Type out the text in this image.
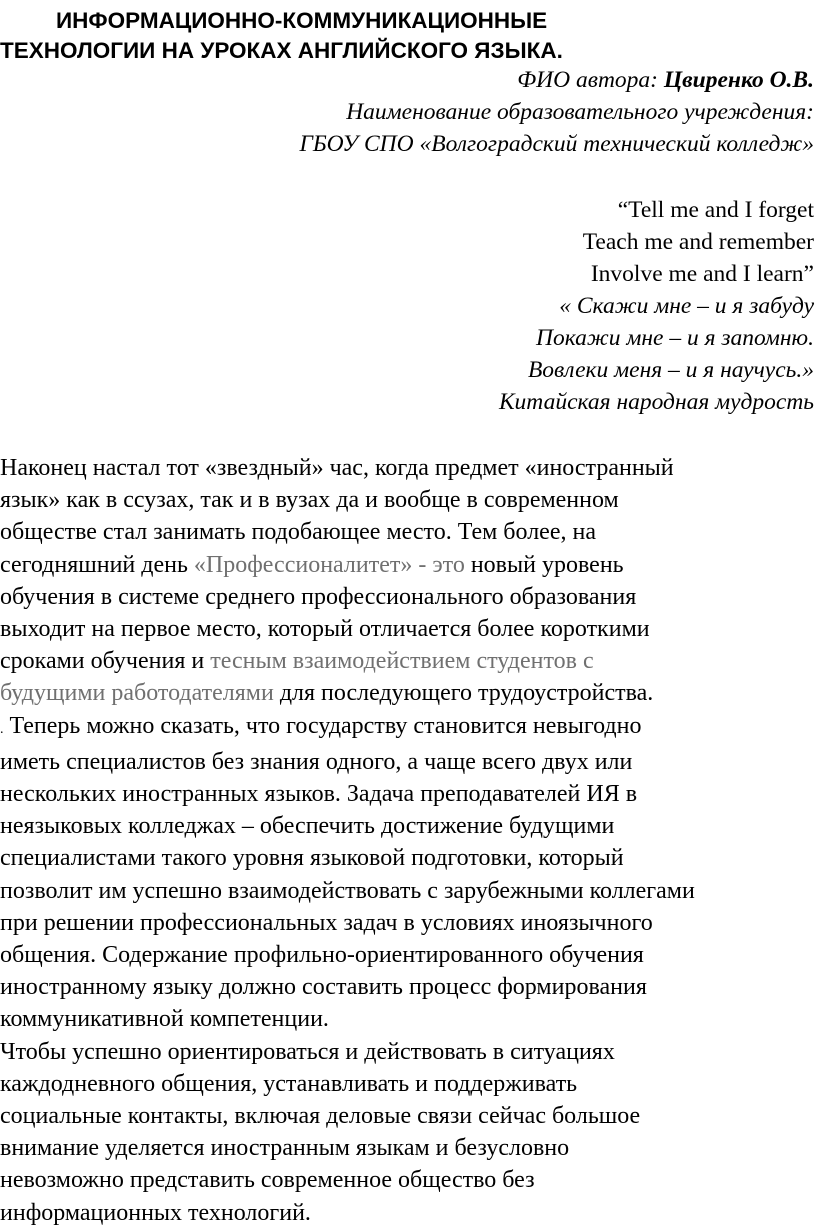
ИНФОРМАЦИОННО-КОММУНИКАЦИОННЫЕ
ТЕХНОЛОГИИ НА УРОКАХ АНГЛИЙСКОГО ЯЗЫКА.
ФИО автора: Цвиренко О.В.
Наименование образовательного учреждения:
ГБОУ СПО «Волгоградский технический колледж»
“Tell me and I forget
Teach me and remember
Involve me and I learn”
« Скажи мне – и я забуду
Покажи мне – и я запомню.
Вовлеки меня – и я научусь.»
Китайская народная мудрость
Наконец настал тот «звездный» час, когда предмет «иностранный
язык» как в ссузах, так и в вузах да и вообще в современном
обществе стал занимать подобающее место. Тем более, на
сегодняшний день «Профессионалитет» - это новый уровень
обучения в системе среднего профессионального образования
выходит на первое место, который отличается более короткими
сроками обучения и тесным взаимодействием студентов с
будущими работодателями для последующего трудоустройства.
. Теперь можно сказать, что государству становится невыгодно
иметь специалистов без знания одного, а чаще всего двух или
нескольких иностранных языков. Задача преподавателей ИЯ в
неязыковых колледжах – обеспечить достижение будущими
специалистами такого уровня языковой подготовки, который
позволит им успешно взаимодействовать с зарубежными коллегами
при решении профессиональных задач в условиях иноязычного
общения. Содержание профильно-ориентированного обучения
иностранному языку должно составить процесс формирования
коммуникативной компетенции.
Чтобы успешно ориентироваться и действовать в ситуациях
каждодневного общения, устанавливать и поддерживать
социальные контакты, включая деловые связи сейчас большое
внимание уделяется иностранным языкам и безусловно
невозможно представить современное общество без
информационных технологий.
